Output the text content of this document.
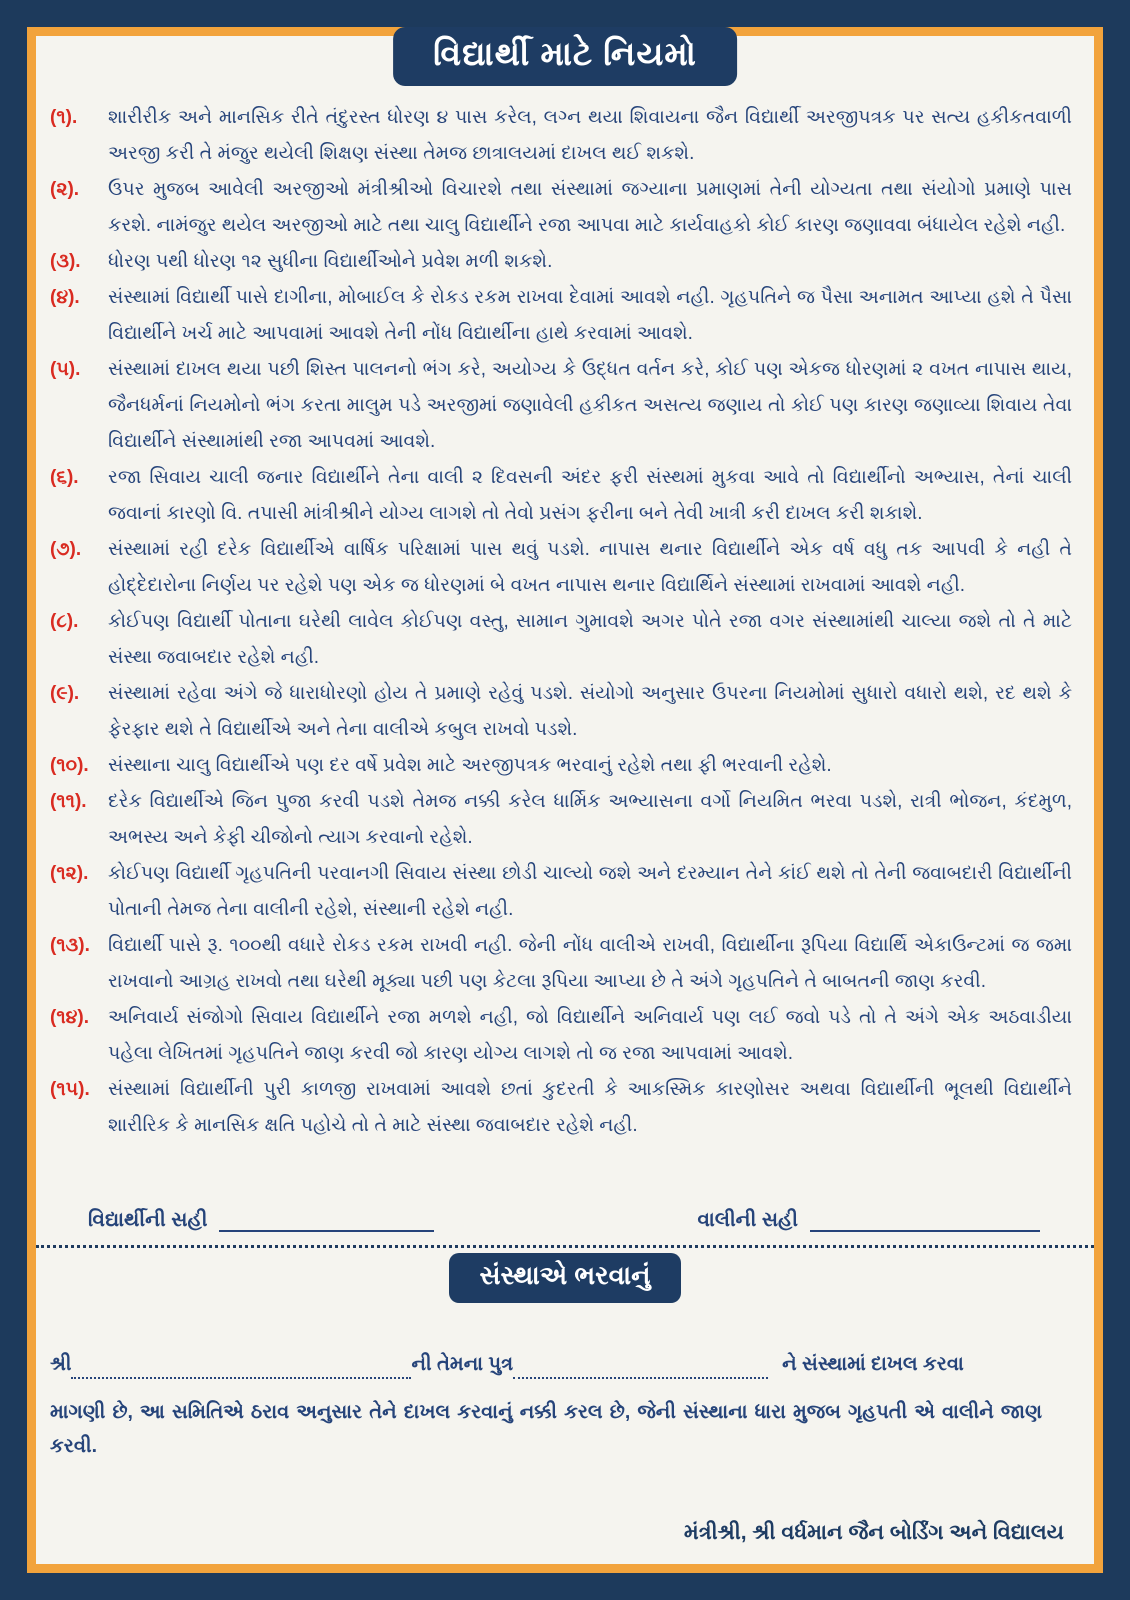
વિદ્યાર્થી માટે નિયમો
(૧).	શારીરીક અને માનસિક રીતે તંદુરસ્ત ધોરણ ૪ પાસ કરેલ, લગ્ન થયા શિવાયના જૈન વિદ્યાર્થી અરજીપત્રક પર સત્ય હકીકતવાળી અરજી કરી તે મંજુર થયેલી શિક્ષણ સંસ્થા તેમજ છાત્રાલયમાં દાખલ થઈ શકશે.
(૨).	ઉપર મુજબ આવેલી અરજીઓ મંત્રીશ્રીઓ વિચારશે તથા સંસ્થામાં જગ્યાના પ્રમાણમાં તેની યોગ્યતા તથા સંયોગો પ્રમાણે પાસ કરશે. નામંજુર થયેલ અરજીઓ માટે તથા ચાલુ વિદ્યાર્થીને રજા આપવા માટે કાર્યવાહકો કોઈ કારણ જણાવવા બંધાયેલ રહેશે નહી.
(૩).	ધોરણ ૫થી ધોરણ ૧૨ સુધીના વિદ્યાર્થીઓને પ્રવેશ મળી શકશે.
(૪).	સંસ્થામાં વિદ્યાર્થી પાસે દાગીના, મોબાઈલ કે રોકડ રકમ રાખવા દેવામાં આવશે નહી. ગૃહપતિને જ પૈસા અનામત આપ્યા હશે તે પૈસા વિદ્યાર્થીને ખર્ચ માટે આપવામાં આવશે તેની નોંધ વિદ્યાર્થીના હાથે કરવામાં આવશે.
(૫).	સંસ્થામાં દાખલ થયા પછી શિસ્ત પાલનનો ભંગ કરે, અયોગ્ય કે ઉદ્ધત વર્તન કરે, કોઈ પણ એકજ ધોરણમાં ૨ વખત નાપાસ થાય, જૈનધર્મનાં નિયમોનો ભંગ કરતા માલુમ પડે અરજીમાં જણાવેલી હકીકત અસત્ય જણાય તો કોઈ પણ કારણ જણાવ્યા શિવાય તેવા વિદ્યાર્થીને સંસ્થામાંથી રજા આપવમાં આવશે.
(૬).	રજા સિવાય ચાલી જનાર વિદ્યાર્થીને તેના વાલી ૨ દિવસની અંદર ફરી સંસ્થમાં મુકવા આવે તો વિદ્યાર્થીનો અભ્યાસ, તેનાં ચાલી જવાનાં કારણો વિ. તપાસી માંત્રીશ્રીને યોગ્ય લાગશે તો તેવો પ્રસંગ ફરીના બને તેવી ખાત્રી કરી દાખલ કરી શકાશે.
(૭).	સંસ્થામાં રહી દરેક વિદ્યાર્થીએ વાર્ષિક પરિક્ષામાં પાસ થવું પડશે. નાપાસ થનાર વિદ્યાર્થીને એક વર્ષ વધુ તક આપવી કે નહી તે હોદ્દેદારોના નિર્ણય પર રહેશે પણ એક જ ધોરણમાં બે વખત નાપાસ થનાર વિદ્યાર્થિને સંસ્થામાં રાખવામાં આવશે નહી.
(૮).	કોઈપણ વિદ્યાર્થી પોતાના ઘરેથી લાવેલ કોઈપણ વસ્તુ, સામાન ગુમાવશે અગર પોતે રજા વગર સંસ્થામાંથી ચાલ્યા જશે તો તે માટે સંસ્થા જવાબદાર રહેશે નહી.
(૯).	સંસ્થામાં રહેવા અંગે જે ધારાધોરણો હોય તે પ્રમાણે રહેવું પડશે. સંયોગો અનુસાર ઉપરના નિયમોમાં સુધારો વધારો થશે, રદ થશે કે ફેરફાર થશે તે વિદ્યાર્થીએ અને તેના વાલીએ કબુલ રાખવો પડશે.
(૧૦).	સંસ્થાના ચાલુ વિદ્યાર્થીએ પણ દર વર્ષે પ્રવેશ માટે અરજીપત્રક ભરવાનું રહેશે તથા ફી ભરવાની રહેશે.
(૧૧).	દરેક વિદ્યાર્થીએ જિન પુજા કરવી પડશે તેમજ નક્કી કરેલ ધાર્મિક અભ્યાસના વર્ગો નિયમિત ભરવા પડશે, રાત્રી ભોજન, કંદમુળ, અભસ્ય અને કેફી ચીજોનો ત્યાગ કરવાનો રહેશે.
(૧૨).	કોઈપણ વિદ્યાર્થી ગૃહપતિની પરવાનગી સિવાય સંસ્થા છોડી ચાલ્યો જશે અને દરમ્યાન તેને કાંઈ થશે તો તેની જવાબદારી વિદ્યાર્થીની પોતાની તેમજ તેના વાલીની રહેશે, સંસ્થાની રહેશે નહી.
(૧૩). વિદ્યાર્થી પાસે રૂ. ૧૦૦થી વધારે રોકડ રકમ રાખવી નહી. જેની નોંધ વાલીએ રાખવી, વિદ્યાર્થીના રૂપિયા વિદ્યાર્થિ એકાઉન્ટમાં જ જમા રાખવાનો આગ્રહ રાખવો તથા ઘરેથી મૂક્યા પછી પણ કેટલા રૂપિયા આપ્યા છે તે અંગે ગૃહપતિને તે બાબતની જાણ કરવી.
(૧૪). અનિવાર્ય સંજોગો સિવાય વિદ્યાર્થીને રજા મળશે નહી, જો વિદ્યાર્થીને અનિવાર્ય પણ લઈ જવો પડે તો તે અંગે એક અઠવાડીયા પહેલા લેખિતમાં ગૃહપતિને જાણ કરવી જો કારણ યોગ્ય લાગશે તો જ રજા આપવામાં આવશે.
(૧૫). સંસ્થામાં વિદ્યાર્થીની પુરી કાળજી રાખવામાં આવશે છતાં કુદરતી કે આકસ્મિક કારણોસર અથવા વિદ્યાર્થીની ભૂલથી વિદ્યાર્થીને શારીરિક કે માનસિક ક્ષતિ પહોચે તો તે માટે સંસ્થા જવાબદાર રહેશે નહી.
વિદ્યાર્થીની સહી	વાલીની સહી
સંસ્થાએ ભરવાનું
શ્રી	ની તેમના પુત્ર	ને સંસ્થામાં દાખલ કરવા
માગણી છે, આ સમિતિએ ઠરાવ અનુસાર તેને દાખલ કરવાનું નક્કી કરલ છે, જેની સંસ્થાના ધારા મુજબ ગૃહપતી એ વાલીને જાણ કરવી.
મંત્રીશ્રી, શ્રી વર્ધમાન જૈન બોર્ડિંગ અને વિદ્યાલય
